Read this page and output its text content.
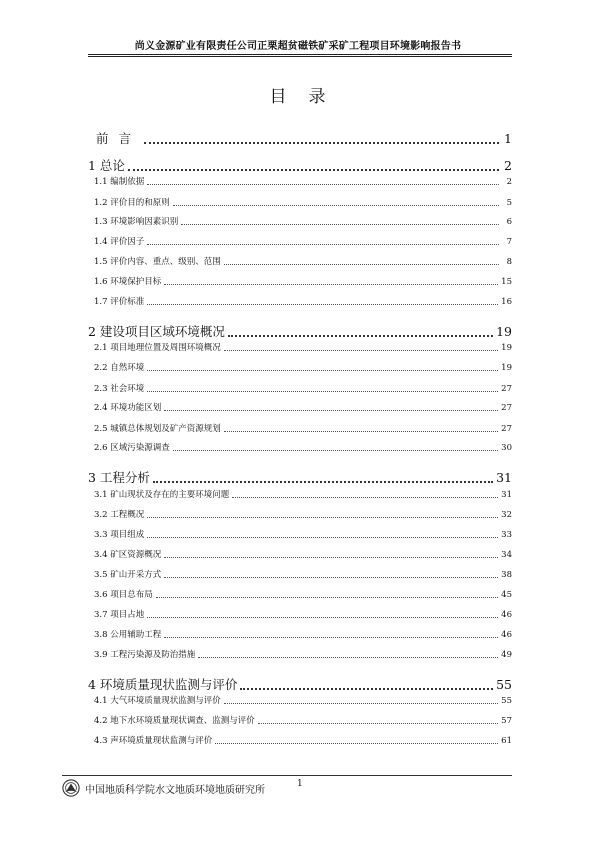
尚义金源矿业有限责任公司正栗超贫磁铁矿采矿工程项目环境影响报告书
目录
前言	1
1 总论	2
1.1 编制依据	2
1.2 评价目的和原则	5
1.3 环境影响因素识别	6
1.4 评价因子	7
1.5 评价内容、重点、级别、范围	8
1.6 环境保护目标	15
1.7 评价标准	16
2 建设项目区域环境概况	19
2.1 项目地理位置及周围环境概况	19
2.2 自然环境	19
2.3 社会环境	27
2.4 环境功能区划	27
2.5 城镇总体规划及矿产资源规划	27
2.6 区域污染源调查	30
3 工程分析	31
3.1 矿山现状及存在的主要环境问题	31
3.2 工程概况	32
3.3 项目组成	33
3.4 矿区资源概况	34
3.5 矿山开采方式	38
3.6 项目总布局	45
3.7 项目占地	46
3.8 公用辅助工程	46
3.9 工程污染源及防治措施	49
4 环境质量现状监测与评价	55
4.1 大气环境质量现状监测与评价	55
4.2 地下水环境质量现状调查、监测与评价	57
4.3 声环境质量现状监测与评价	61
中国地质科学院水文地质环境地质研究所
1
